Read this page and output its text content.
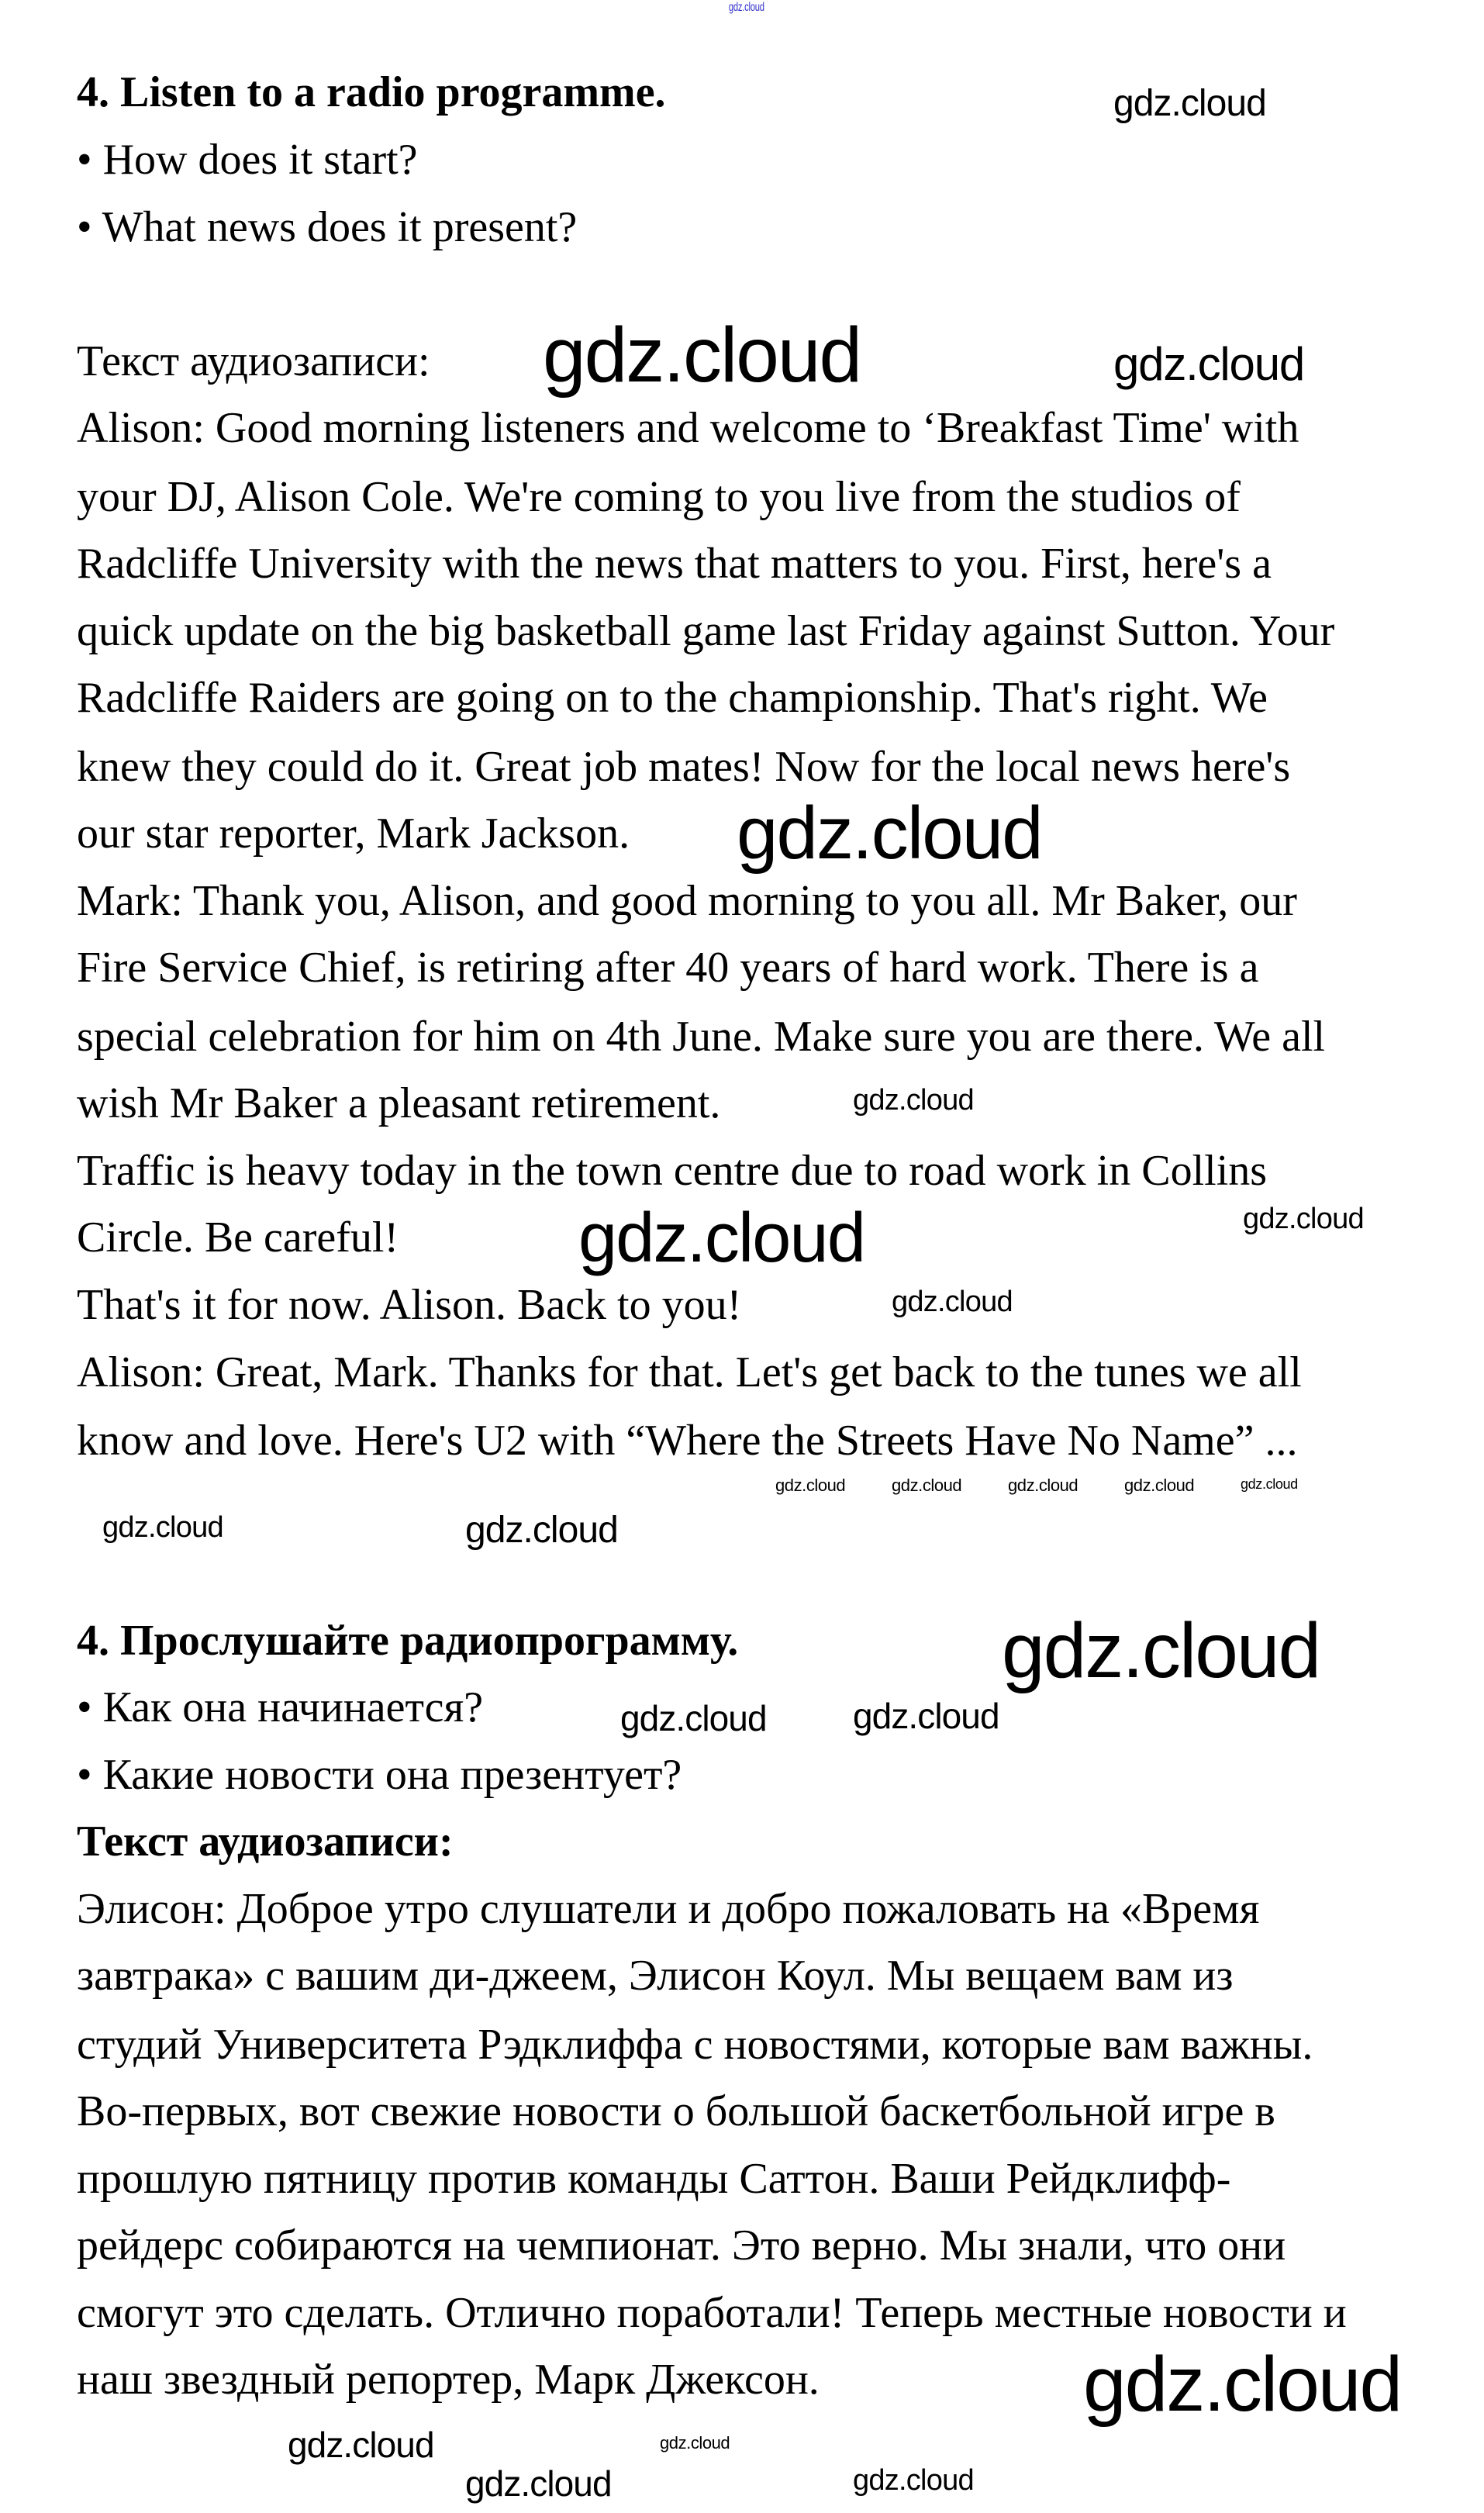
4. Listen to a radio programme.
• How does it start?
• What news does it present?
Текст аудиозаписи:
Alison: Good morning listeners and welcome to ‘Breakfast Time' with
your DJ, Alison Cole. We're coming to you live from the studios of
Radcliffe University with the news that matters to you. First, here's a
quick update on the big basketball game last Friday against Sutton. Your
Radcliffe Raiders are going on to the championship. That's right. We
knew they could do it. Great job mates! Now for the local news here's
our star reporter, Mark Jackson.
Mark: Thank you, Alison, and good morning to you all. Mr Baker, our
Fire Service Chief, is retiring after 40 years of hard work. There is a
special celebration for him on 4th June. Make sure you are there. We all
wish Mr Baker a pleasant retirement.
Traffic is heavy today in the town centre due to road work in Collins
Circle. Be careful!
That's it for now. Alison. Back to you!
Alison: Great, Mark. Thanks for that. Let's get back to the tunes we all
know and love. Here's U2 with “Where the Streets Have No Name” ...
4. Прослушайте радиопрограмму.
• Как она начинается?
• Какие новости она презентует?
Текст аудиозаписи:
Элисон: Доброе утро слушатели и добро пожаловать на «Время
завтрака» с вашим ди-джеем, Элисон Коул. Мы вещаем вам из
студий Университета Рэдклиффа с новостями, которые вам важны.
Во-первых, вот свежие новости о большой баскетбольной игре в
прошлую пятницу против команды Саттон. Ваши Рейдклифф-
рейдерс собираются на чемпионат. Это верно. Мы знали, что они
смогут это сделать. Отлично поработали! Теперь местные новости и
наш звездный репортер, Марк Джексон.
gdz.cloud
gdz.cloud
gdz.cloud	gdz.cloud
gdz.cloud
gdz.cloud
gdz.cloud
gdz.cloud
gdz.cloud	gdz.cloud	gdz.cloud
gdz.cloud
gdz.cloud
gdz.cloud
gdz.cloud
gdz.cloud
gdz.cloud
gdz.cloud gdz.cloud
gdz.cloud	gdz.cloud
gdz.cloud
gdz.cloud
gdz.cloud
